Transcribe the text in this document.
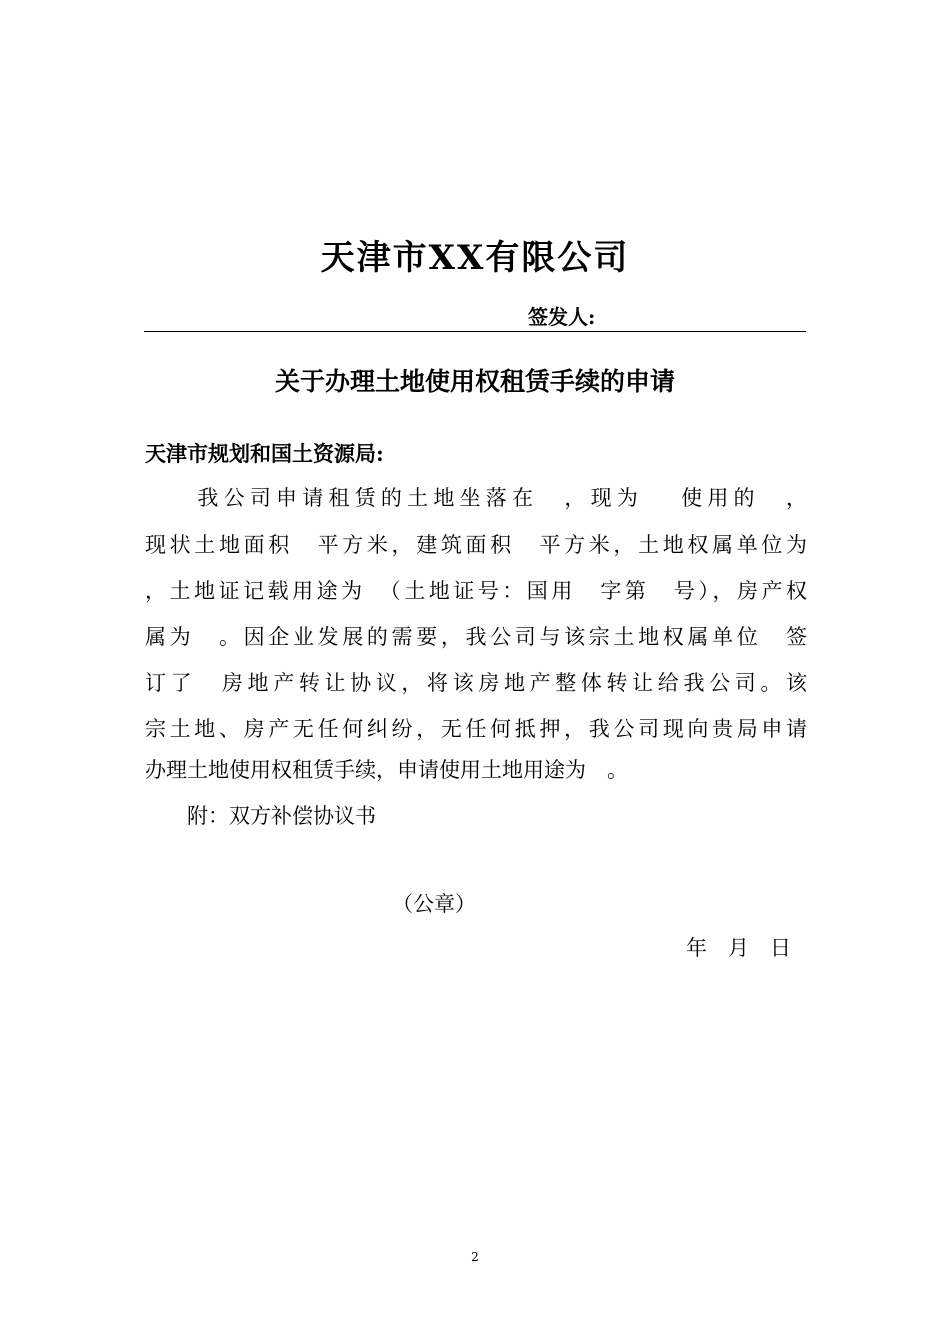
天津市XX有限公司
签发人:
关于办理土地使用权租赁手续的申请
天津市规划和国土资源局:
　　我公司申请租赁的土地坐落在　，现为　 使用的　，
现状土地面积　平方米，建筑面积　平方米，土地权属单位为
，土地证记载用途为　（土地证号：国用　字第　号），房产权
属为　。因企业发展的需要，我公司与该宗土地权属单位　签
订了　房地产转让协议，将该房地产整体转让给我公司。该
宗土地、房产无任何纠纷，无任何抵押，我公司现向贵局申请
办理土地使用权租赁手续，申请使用土地用途为　。
　　附：双方补偿协议书
（公章）
年　月　日
2
